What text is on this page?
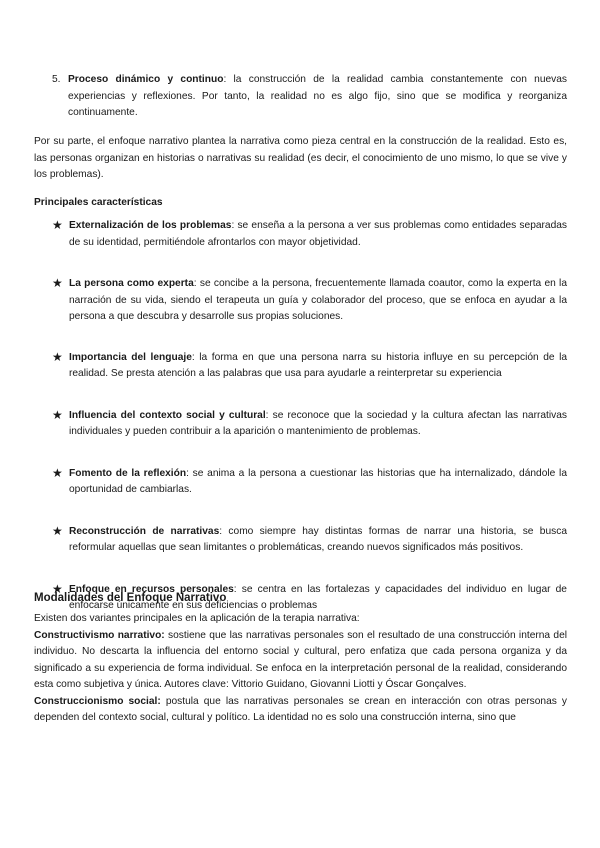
5. Proceso dinámico y continuo: la construcción de la realidad cambia constantemente con nuevas experiencias y reflexiones. Por tanto, la realidad no es algo fijo, sino que se modifica y reorganiza continuamente.

Por su parte, el enfoque narrativo plantea la narrativa como pieza central en la construcción de la realidad. Esto es, las personas organizan en historias o narrativas su realidad (es decir, el conocimiento de uno mismo, lo que se vive y los problemas).

Principales características
★ Externalización de los problemas: se enseña a la persona a ver sus problemas como entidades separadas de su identidad, permitiéndole afrontarlos con mayor objetividad.

★ La persona como experta: se concibe a la persona, frecuentemente llamada coautor, como la experta en la narración de su vida, siendo el terapeuta un guía y colaborador del proceso, que se enfoca en ayudar a la persona a que descubra y desarrolle sus propias soluciones.

★ Importancia del lenguaje: la forma en que una persona narra su historia influye en su percepción de la realidad. Se presta atención a las palabras que usa para ayudarle a reinterpretar su experiencia

★ Influencia del contexto social y cultural: se reconoce que la sociedad y la cultura afectan las narrativas individuales y pueden contribuir a la aparición o mantenimiento de problemas.

★ Fomento de la reflexión: se anima a la persona a cuestionar las historias que ha internalizado, dándole la oportunidad de cambiarlas.

★ Reconstrucción de narrativas: como siempre hay distintas formas de narrar una historia, se busca reformular aquellas que sean limitantes o problemáticas, creando nuevos significados más positivos.

★ Enfoque en recursos personales: se centra en las fortalezas y capacidades del individuo en lugar de enfocarse únicamente en sus deficiencias o problemas

Modalidades del Enfoque Narrativo

Existen dos variantes principales en la aplicación de la terapia narrativa:

Constructivismo narrativo: sostiene que las narrativas personales son el resultado de una construcción interna del individuo. No descarta la influencia del entorno social y cultural, pero enfatiza que cada persona organiza y da significado a su experiencia de forma individual. Se enfoca en la interpretación personal de la realidad, considerando esta como subjetiva y única. Autores clave: Vittorio Guidano, Giovanni Liotti y Óscar Gonçalves.

Construccionismo social: postula que las narrativas personales se crean en interacción con otras personas y dependen del contexto social, cultural y político. La identidad no es solo una construcción interna, sino que
